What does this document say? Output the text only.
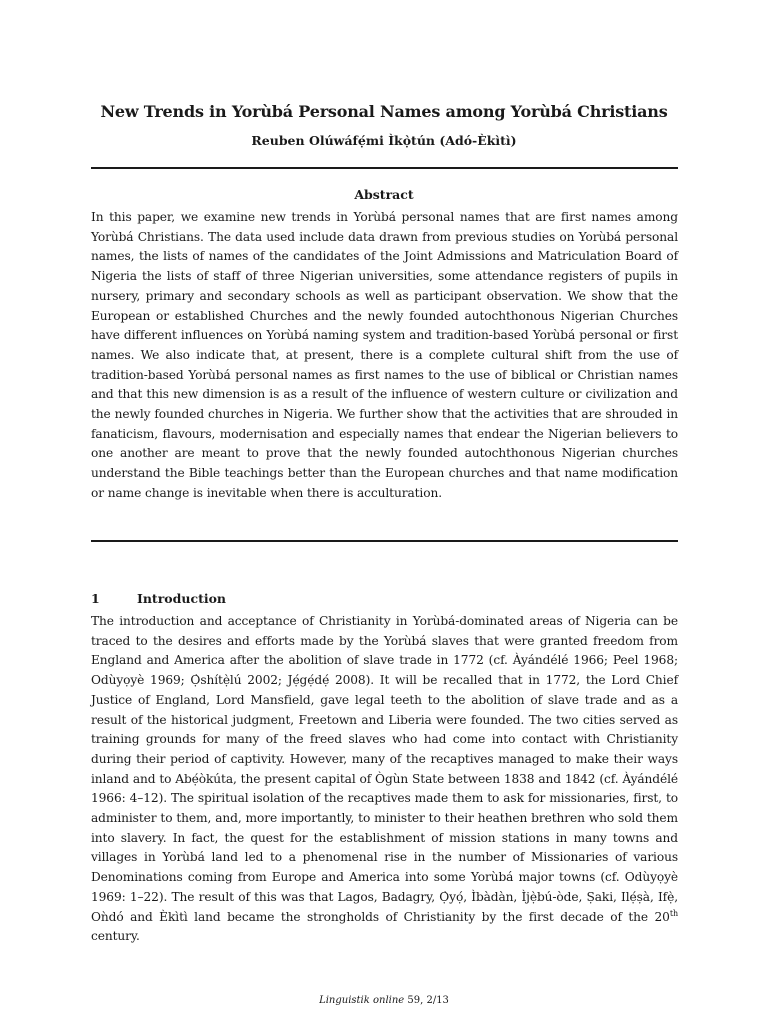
New Trends in Yorùbá Personal Names among Yorùbá Christians
Reuben Olúwáfẹ́mi Ìkọ̀tún (Adó-Èkìtì)
Abstract
In this paper, we examine new trends in Yorùbá personal names that are first names among Yorùbá Christians. The data used include data drawn from previous studies on Yorùbá personal names, the lists of names of the candidates of the Joint Admissions and Matriculation Board of Nigeria the lists of staff of three Nigerian universities, some attendance registers of pupils in nursery, primary and secondary schools as well as participant observation. We show that the European or established Churches and the newly founded autochthonous Nigerian Churches have different influences on Yorùbá naming system and tradition-based Yorùbá personal or first names. We also indicate that, at present, there is a complete cultural shift from the use of tradition-based Yorùbá personal names as first names to the use of biblical or Christian names and that this new dimension is as a result of the influence of western culture or civilization and the newly founded churches in Nigeria. We further show that the activities that are shrouded in fanaticism, flavours, modernisation and especially names that endear the Nigerian believers to one another are meant to prove that the newly founded autochthonous Nigerian churches understand the Bible teachings better than the European churches and that name modification or name change is inevitable when there is acculturation.
1	Introduction
The introduction and acceptance of Christianity in Yorùbá-dominated areas of Nigeria can be traced to the desires and efforts made by the Yorùbá slaves that were granted freedom from England and America after the abolition of slave trade in 1772 (cf. Àyándélé 1966; Peel 1968; Odùyọyè 1969; Ọ̀shítẹ̀lú 2002; Jẹ́gẹ́dẹ́ 2008). It will be recalled that in 1772, the Lord Chief Justice of England, Lord Mansfield, gave legal teeth to the abolition of slave trade and as a result of the historical judgment, Freetown and Liberia were founded. The two cities served as training grounds for many of the freed slaves who had come into contact with Christianity during their period of captivity. However, many of the recaptives managed to make their ways inland and to Abẹ́òkúta, the present capital of Ògùn State between 1838 and 1842 (cf. Àyándélé 1966: 4–12). The spiritual isolation of the recaptives made them to ask for missionaries, first, to administer to them, and, more importantly, to minister to their heathen brethren who sold them into slavery. In fact, the quest for the establishment of mission stations in many towns and villages in Yorùbá land led to a phenomenal rise in the number of Missionaries of various Denominations coming from Europe and America into some Yorùbá major towns (cf. Odùyọyè 1969: 1–22). The result of this was that Lagos, Badagry, Ọ̀yọ́, Ìbàdàn, Ìjẹ̀bú-òde, Ṣaki, Ilẹ́ṣà, Ifẹ̀, Oǹdó and Èkìtì land became the strongholds of Christianity by the first decade of the 20th century.
Linguistik online 59, 2/13
